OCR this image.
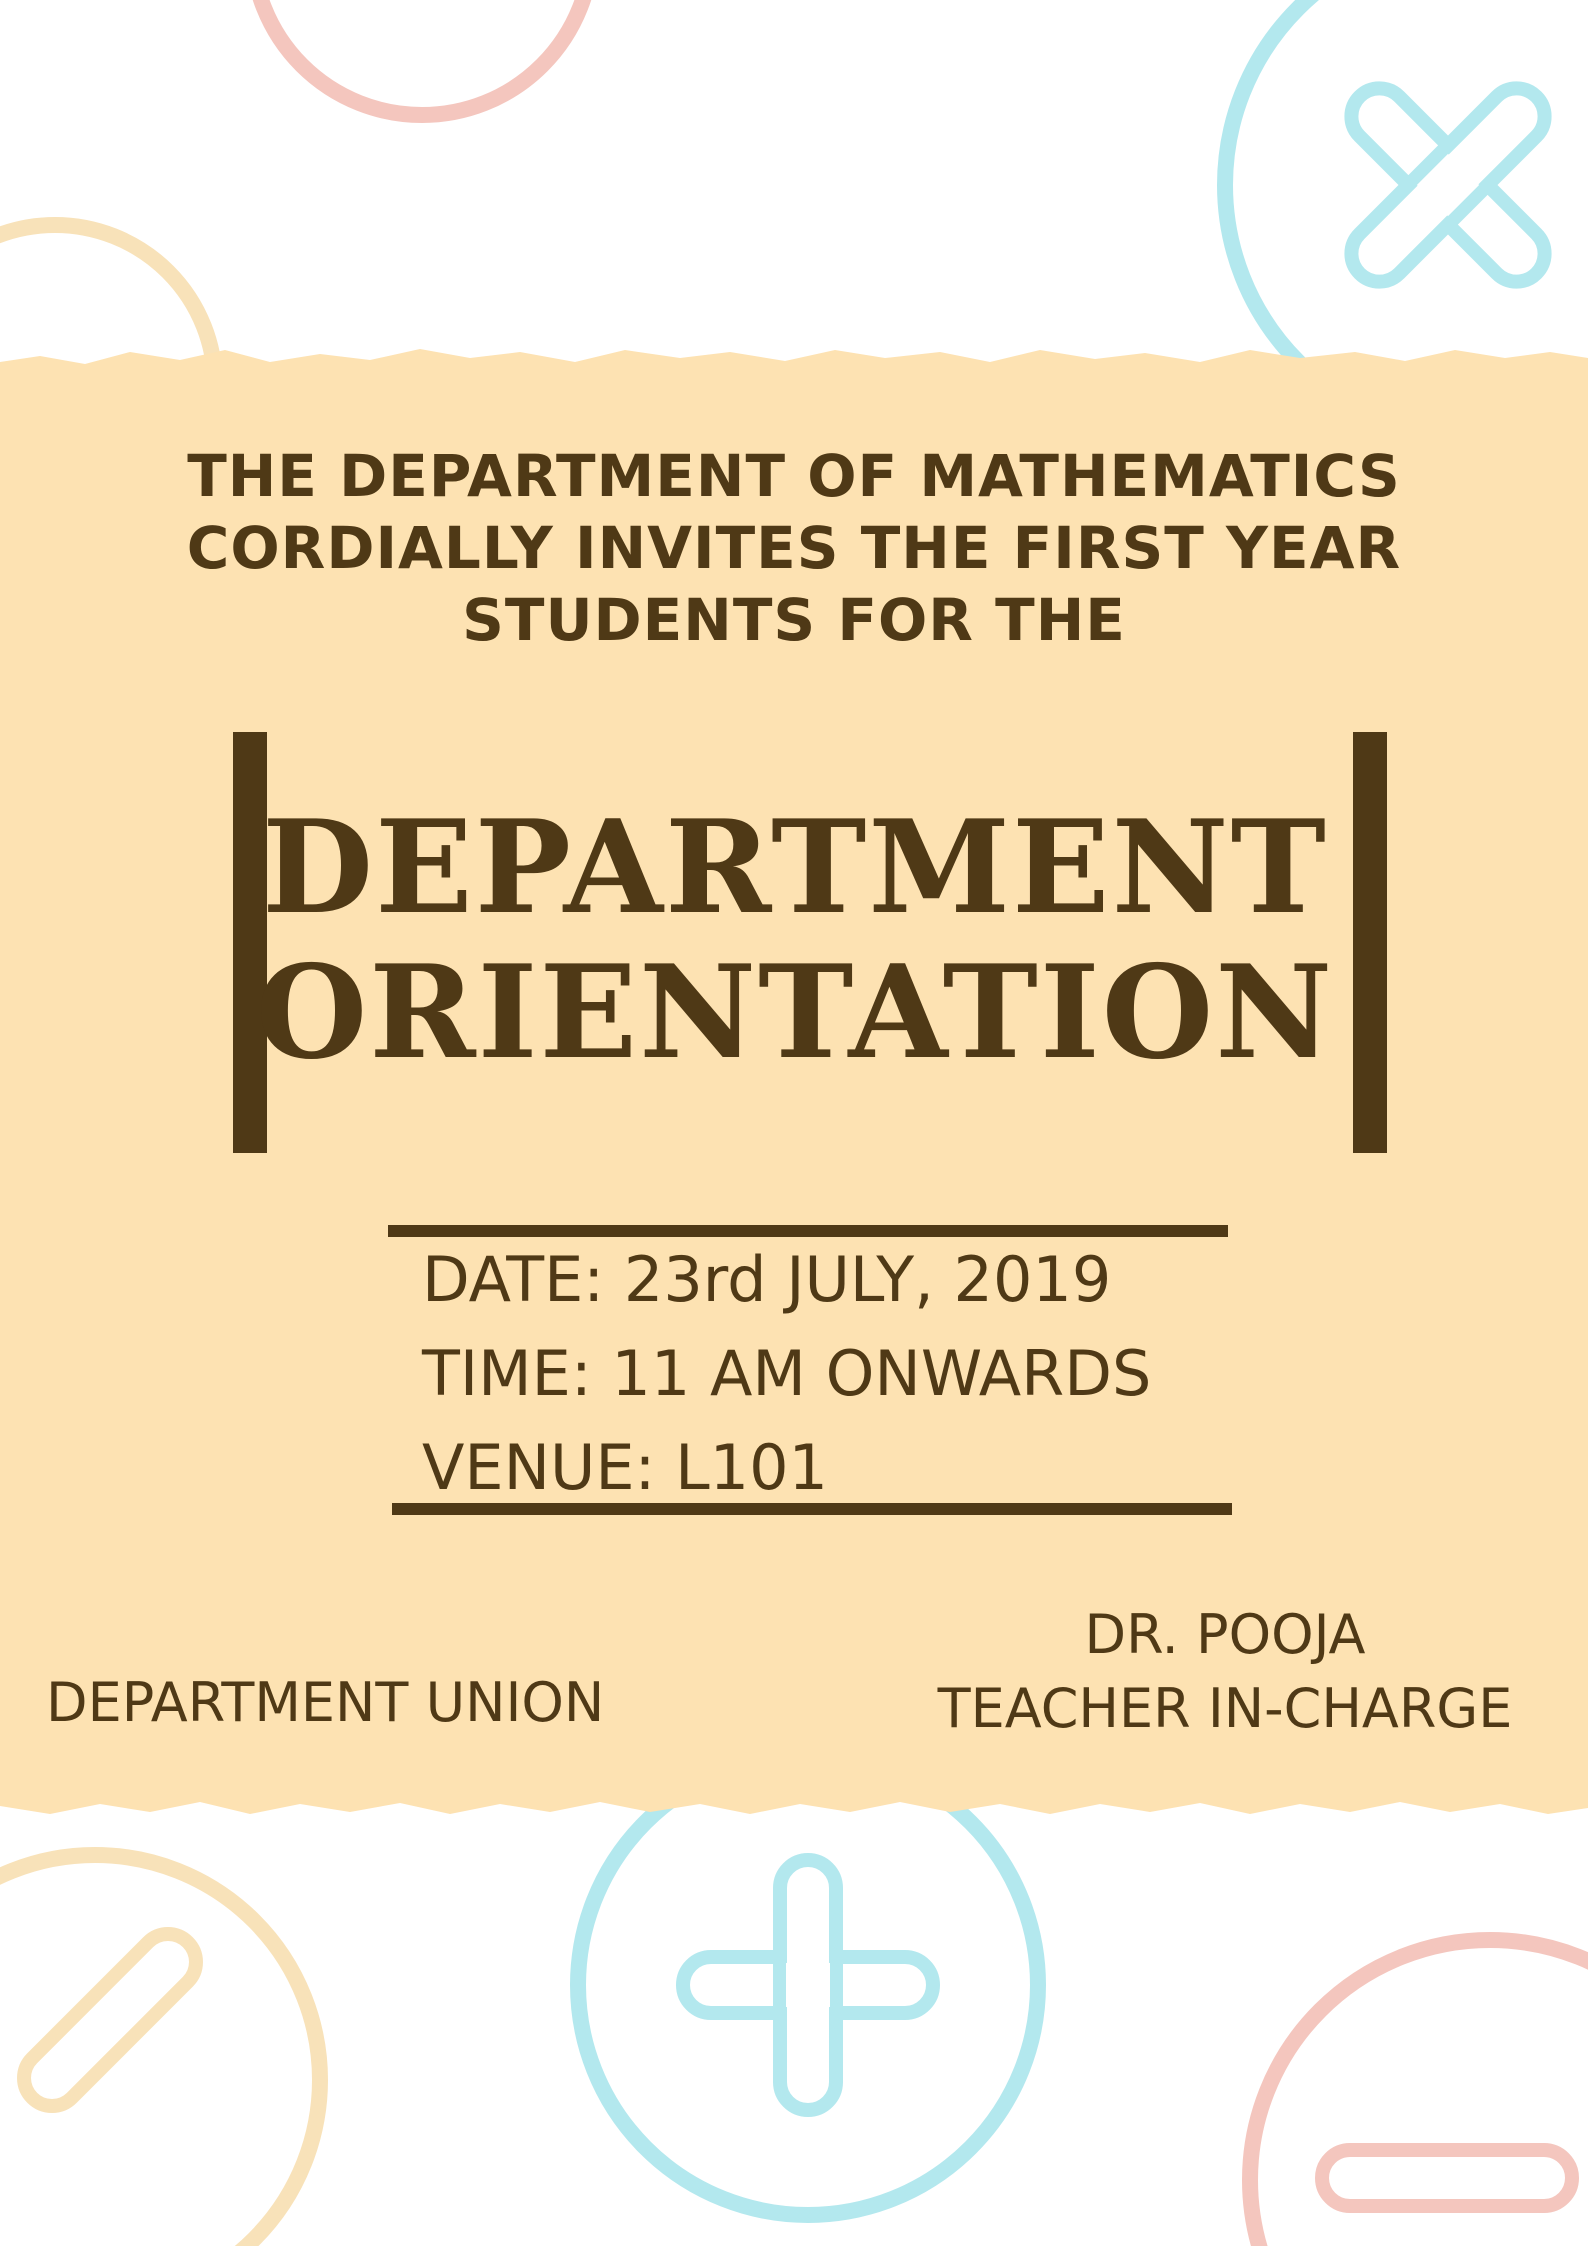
THE DEPARTMENT OF MATHEMATICS
CORDIALLY INVITES THE FIRST YEAR
STUDENTS FOR THE
DEPARTMENT
ORIENTATION
DATE: 23rd JULY, 2019
TIME: 11 AM ONWARDS
VENUE: L101
DEPARTMENT UNION
DR. POOJA
TEACHER IN-CHARGE
